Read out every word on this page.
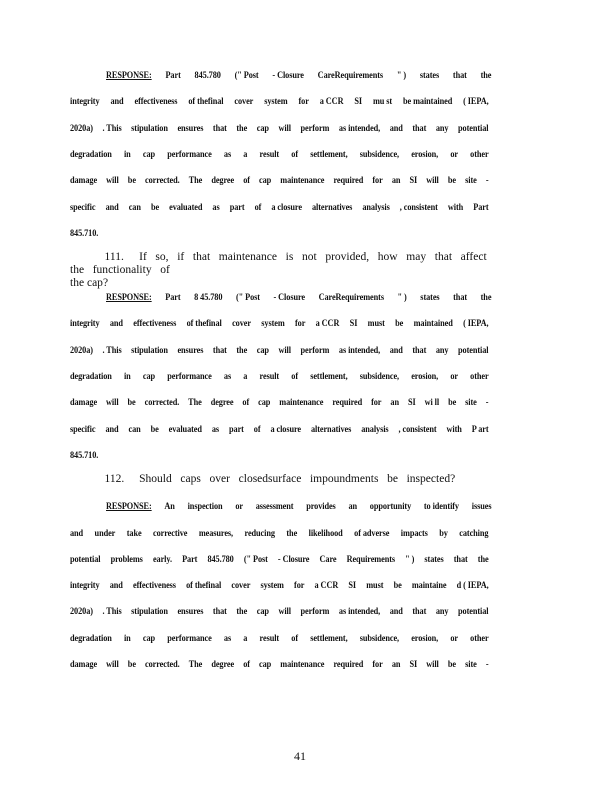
RESPONSE: Part 845.780 (" Post - Closure CareRequirements " ) states that the
integrity and effectiveness of thefinal cover system for a CCR SI mu st be maintained ( IEPA,
2020a) . This stipulation ensures that the cap will perform as intended, and that any potential
degradation in cap performance as a result of settlement, subsidence, erosion, or other
damage will be corrected. The degree of cap maintenance required for an SI will be site -
specific and can be evaluated as part of a closure alternatives analysis , consistent with Part
845.710.
111. If so, if that maintenance is not provided, how may that affect the functionality of
the cap?
RESPONSE: Part 8 45.780 (" Post - Closure CareRequirements " ) states that the
integrity and effectiveness of thefinal cover system for a CCR SI must be maintained ( IEPA,
2020a) . This stipulation ensures that the cap will perform as intended, and that any potential
degradation in cap performance as a result of settlement, subsidence, erosion, or other
damage will be corrected. The degree of cap maintenance required for an SI wi ll be site -
specific and can be evaluated as part of a closure alternatives analysis , consistent with P art
845.710.
112. Should caps over closedsurface impoundments be inspected?
RESPONSE: An inspection or assessment provides an opportunity to identify issues
and under take corrective measures, reducing the likelihood of adverse impacts by catching
potential problems early. Part 845.780 (" Post - Closure Care Requirements " ) states that the
integrity and effectiveness of thefinal cover system for a CCR SI must be maintaine d ( IEPA,
2020a) . This stipulation ensures that the cap will perform as intended, and that any potential
degradation in cap performance as a result of settlement, subsidence, erosion, or other
damage will be corrected. The degree of cap maintenance required for an SI will be site -
41
